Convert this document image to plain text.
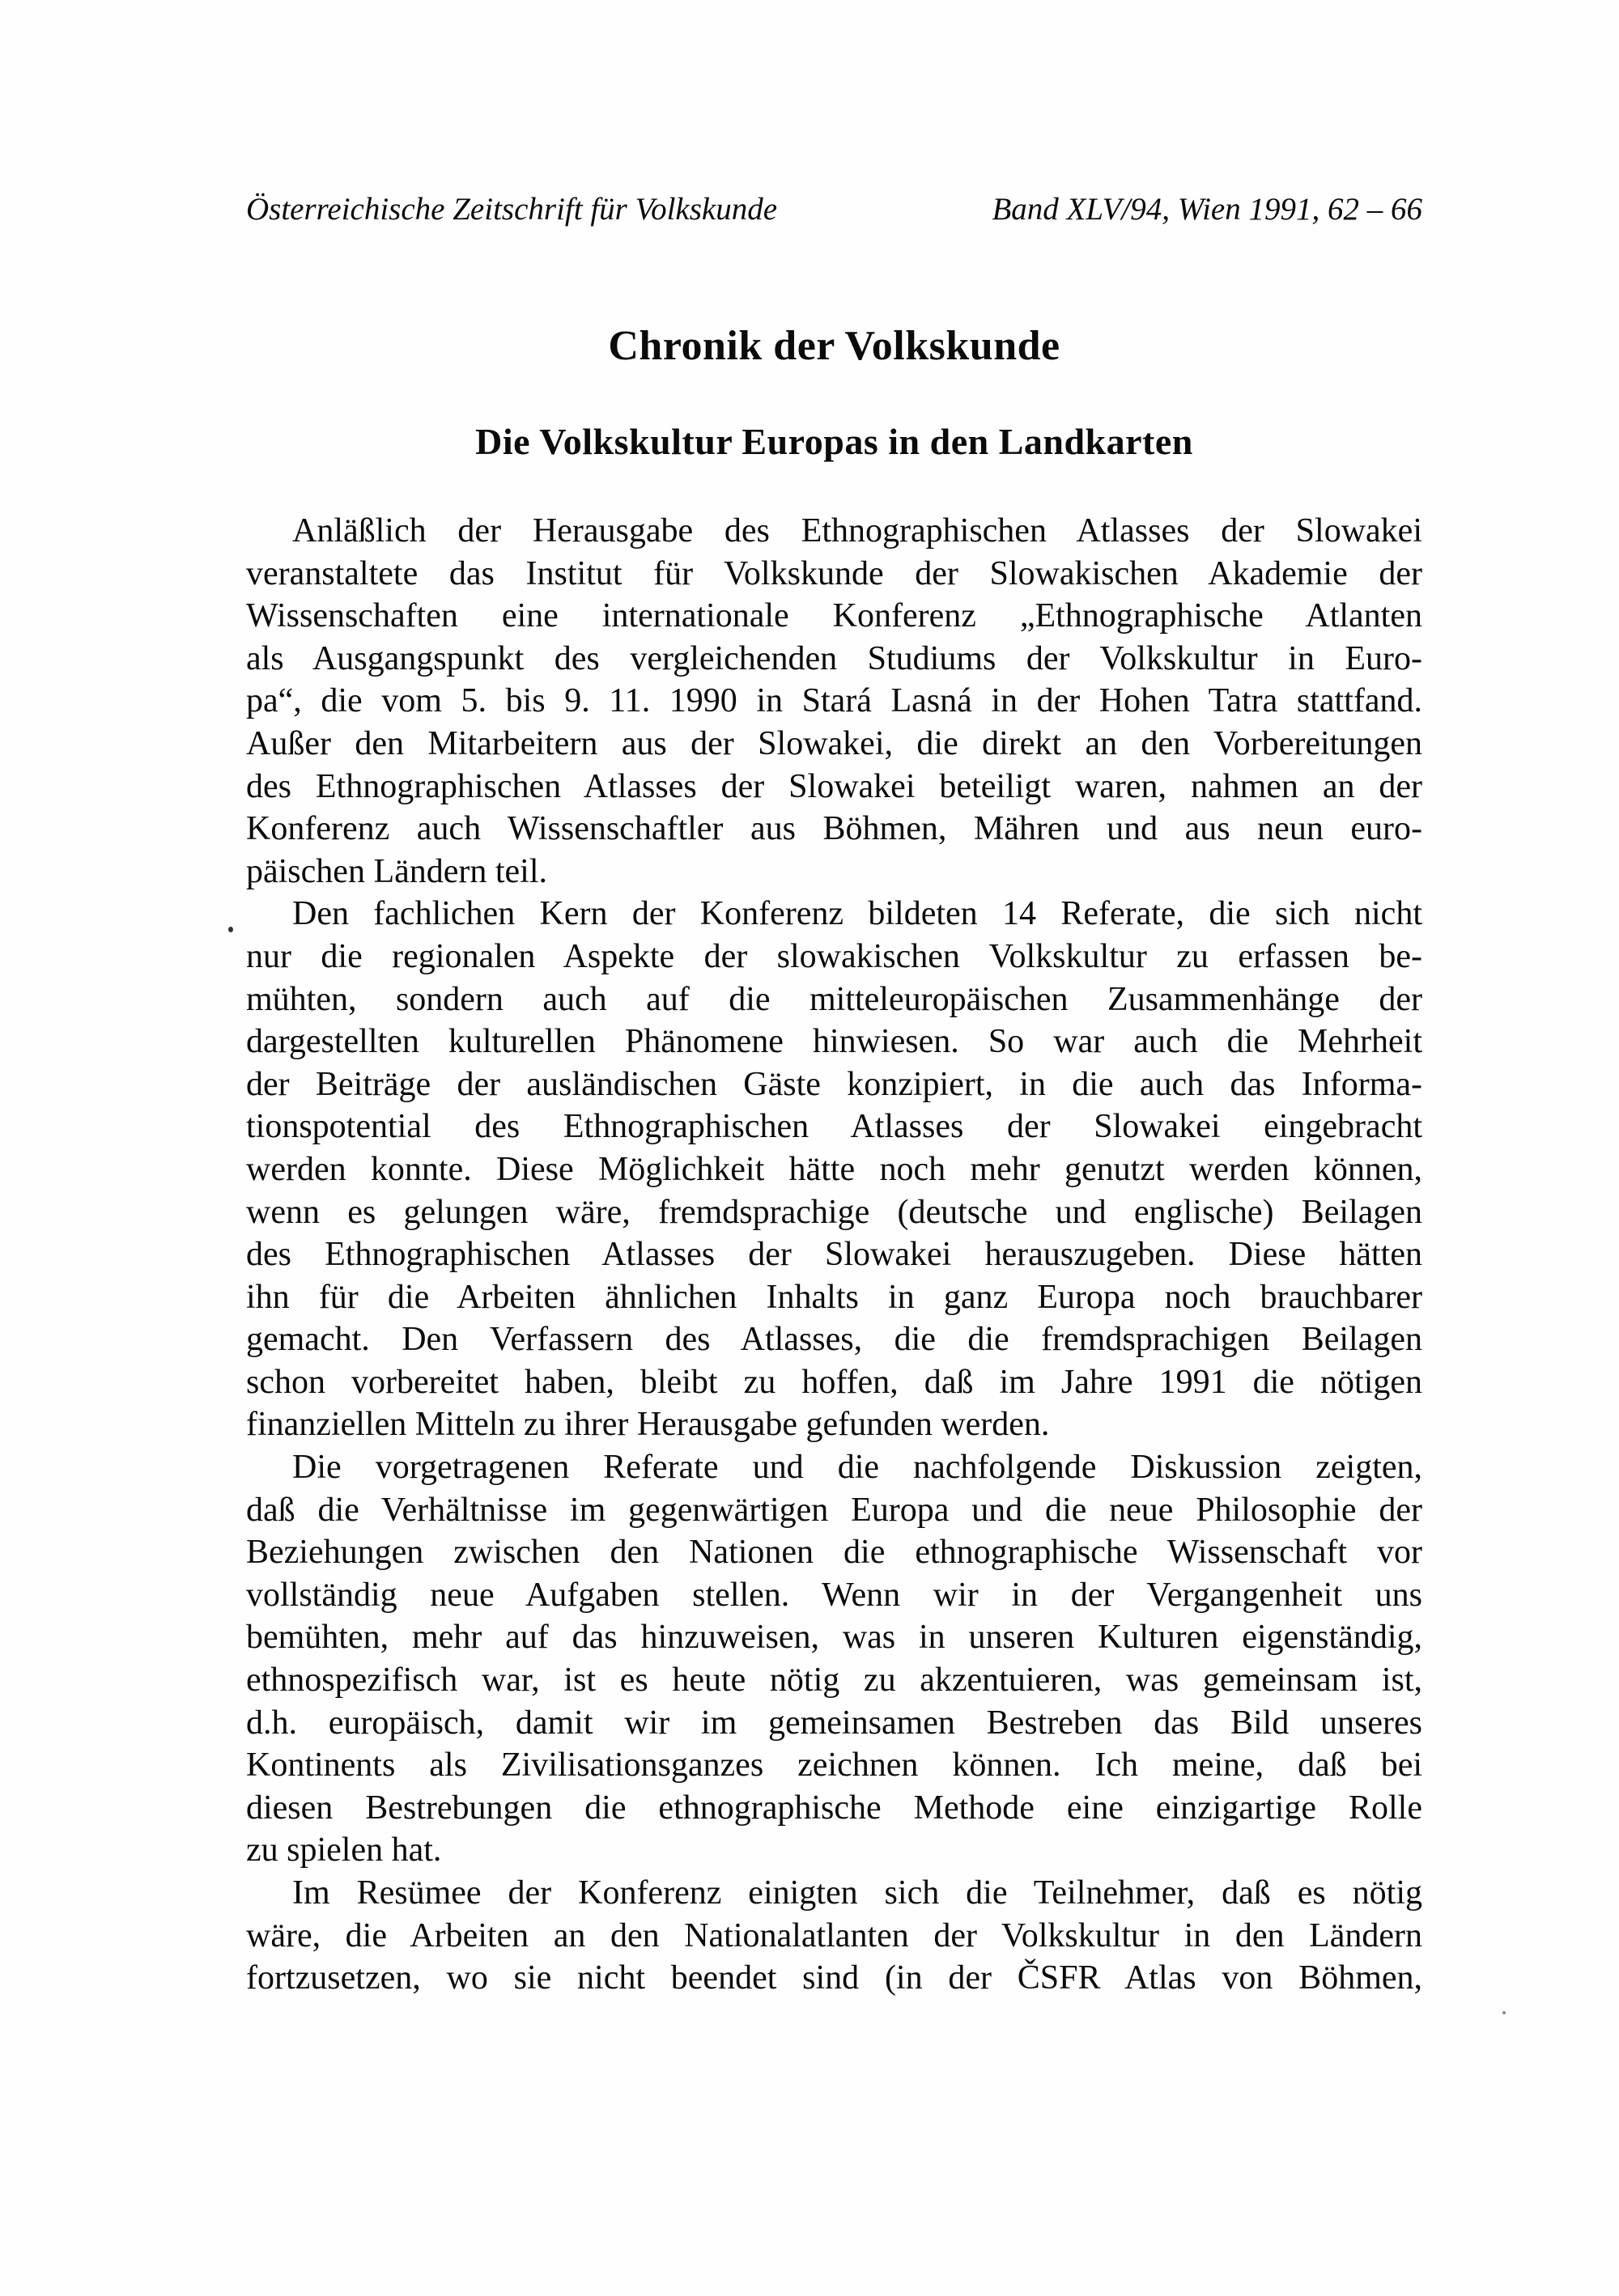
Österreichische Zeitschrift für Volkskunde	Band XLV/94, Wien 1991, 62 – 66
Chronik der Volkskunde
Die Volkskultur Europas in den Landkarten
Anläßlich der Herausgabe des Ethnographischen Atlasses der Slowakei
veranstaltete das Institut für Volkskunde der Slowakischen Akademie der
Wissenschaften eine internationale Konferenz „Ethnographische Atlanten
als Ausgangspunkt des vergleichenden Studiums der Volkskultur in Euro-
pa“, die vom 5. bis 9. 11. 1990 in Stará Lasná in der Hohen Tatra stattfand.
Außer den Mitarbeitern aus der Slowakei, die direkt an den Vorbereitungen
des Ethnographischen Atlasses der Slowakei beteiligt waren, nahmen an der
Konferenz auch Wissenschaftler aus Böhmen, Mähren und aus neun euro-
päischen Ländern teil.
Den fachlichen Kern der Konferenz bildeten 14 Referate, die sich nicht
nur die regionalen Aspekte der slowakischen Volkskultur zu erfassen be-
mühten, sondern auch auf die mitteleuropäischen Zusammenhänge der
dargestellten kulturellen Phänomene hinwiesen. So war auch die Mehrheit
der Beiträge der ausländischen Gäste konzipiert, in die auch das Informa-
tionspotential des Ethnographischen Atlasses der Slowakei eingebracht
werden konnte. Diese Möglichkeit hätte noch mehr genutzt werden können,
wenn es gelungen wäre, fremdsprachige (deutsche und englische) Beilagen
des Ethnographischen Atlasses der Slowakei herauszugeben. Diese hätten
ihn für die Arbeiten ähnlichen Inhalts in ganz Europa noch brauchbarer
gemacht. Den Verfassern des Atlasses, die die fremdsprachigen Beilagen
schon vorbereitet haben, bleibt zu hoffen, daß im Jahre 1991 die nötigen
finanziellen Mitteln zu ihrer Herausgabe gefunden werden.
Die vorgetragenen Referate und die nachfolgende Diskussion zeigten,
daß die Verhältnisse im gegenwärtigen Europa und die neue Philosophie der
Beziehungen zwischen den Nationen die ethnographische Wissenschaft vor
vollständig neue Aufgaben stellen. Wenn wir in der Vergangenheit uns
bemühten, mehr auf das hinzuweisen, was in unseren Kulturen eigenständig,
ethnospezifisch war, ist es heute nötig zu akzentuieren, was gemeinsam ist,
d.h. europäisch, damit wir im gemeinsamen Bestreben das Bild unseres
Kontinents als Zivilisationsganzes zeichnen können. Ich meine, daß bei
diesen Bestrebungen die ethnographische Methode eine einzigartige Rolle
zu spielen hat.
Im Resümee der Konferenz einigten sich die Teilnehmer, daß es nötig
wäre, die Arbeiten an den Nationalatlanten der Volkskultur in den Ländern
fortzusetzen, wo sie nicht beendet sind (in der ČSFR Atlas von Böhmen,
